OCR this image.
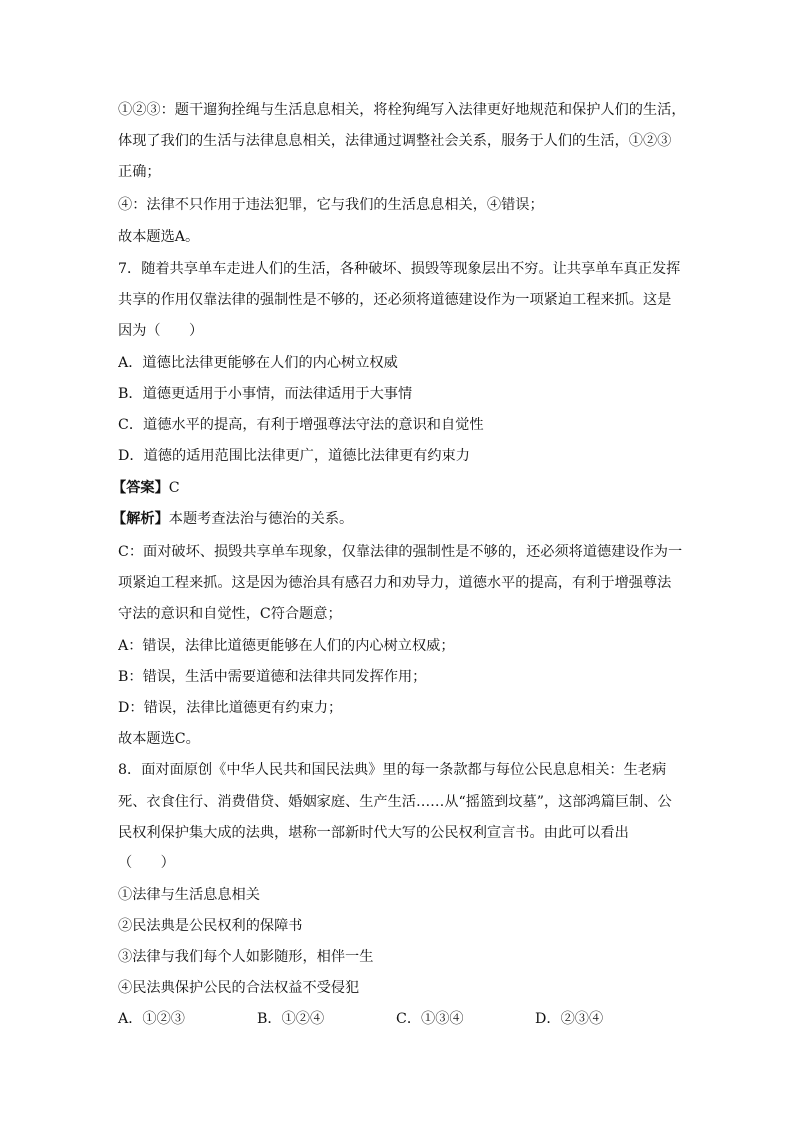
①②③：题干遛狗拴绳与生活息息相关，将栓狗绳写入法律更好地规范和保护人们的生活，
体现了我们的生活与法律息息相关，法律通过调整社会关系，服务于人们的生活，①②③
正确；
④：法律不只作用于违法犯罪，它与我们的生活息息相关，④错误；
故本题选A。
7．随着共享单车走进人们的生活，各种破坏、损毁等现象层出不穷。让共享单车真正发挥
共享的作用仅靠法律的强制性是不够的，还必须将道德建设作为一项紧迫工程来抓。这是
因为（　　）
A．道德比法律更能够在人们的内心树立权威
B．道德更适用于小事情，而法律适用于大事情
C．道德水平的提高，有利于增强尊法守法的意识和自觉性
D．道德的适用范围比法律更广，道德比法律更有约束力
【答案】C
【解析】本题考查法治与德治的关系。
C：面对破坏、损毁共享单车现象，仅靠法律的强制性是不够的，还必须将道德建设作为一
项紧迫工程来抓。这是因为德治具有感召力和劝导力，道德水平的提高，有利于增强尊法
守法的意识和自觉性，C符合题意；
A：错误，法律比道德更能够在人们的内心树立权威；
B：错误，生活中需要道德和法律共同发挥作用；
D：错误，法律比道德更有约束力；
故本题选C。
8．面对面原创《中华人民共和国民法典》里的每一条款都与每位公民息息相关：生老病
死、衣食住行、消费借贷、婚姻家庭、生产生活……从“摇篮到坟墓”，这部鸿篇巨制、公
民权利保护集大成的法典，堪称一部新时代大写的公民权利宣言书。由此可以看出
（　　）
①法律与生活息息相关
②民法典是公民权利的保障书
③法律与我们每个人如影随形，相伴一生
④民法典保护公民的合法权益不受侵犯
A．①②③	B．①②④	C．①③④	D．②③④
